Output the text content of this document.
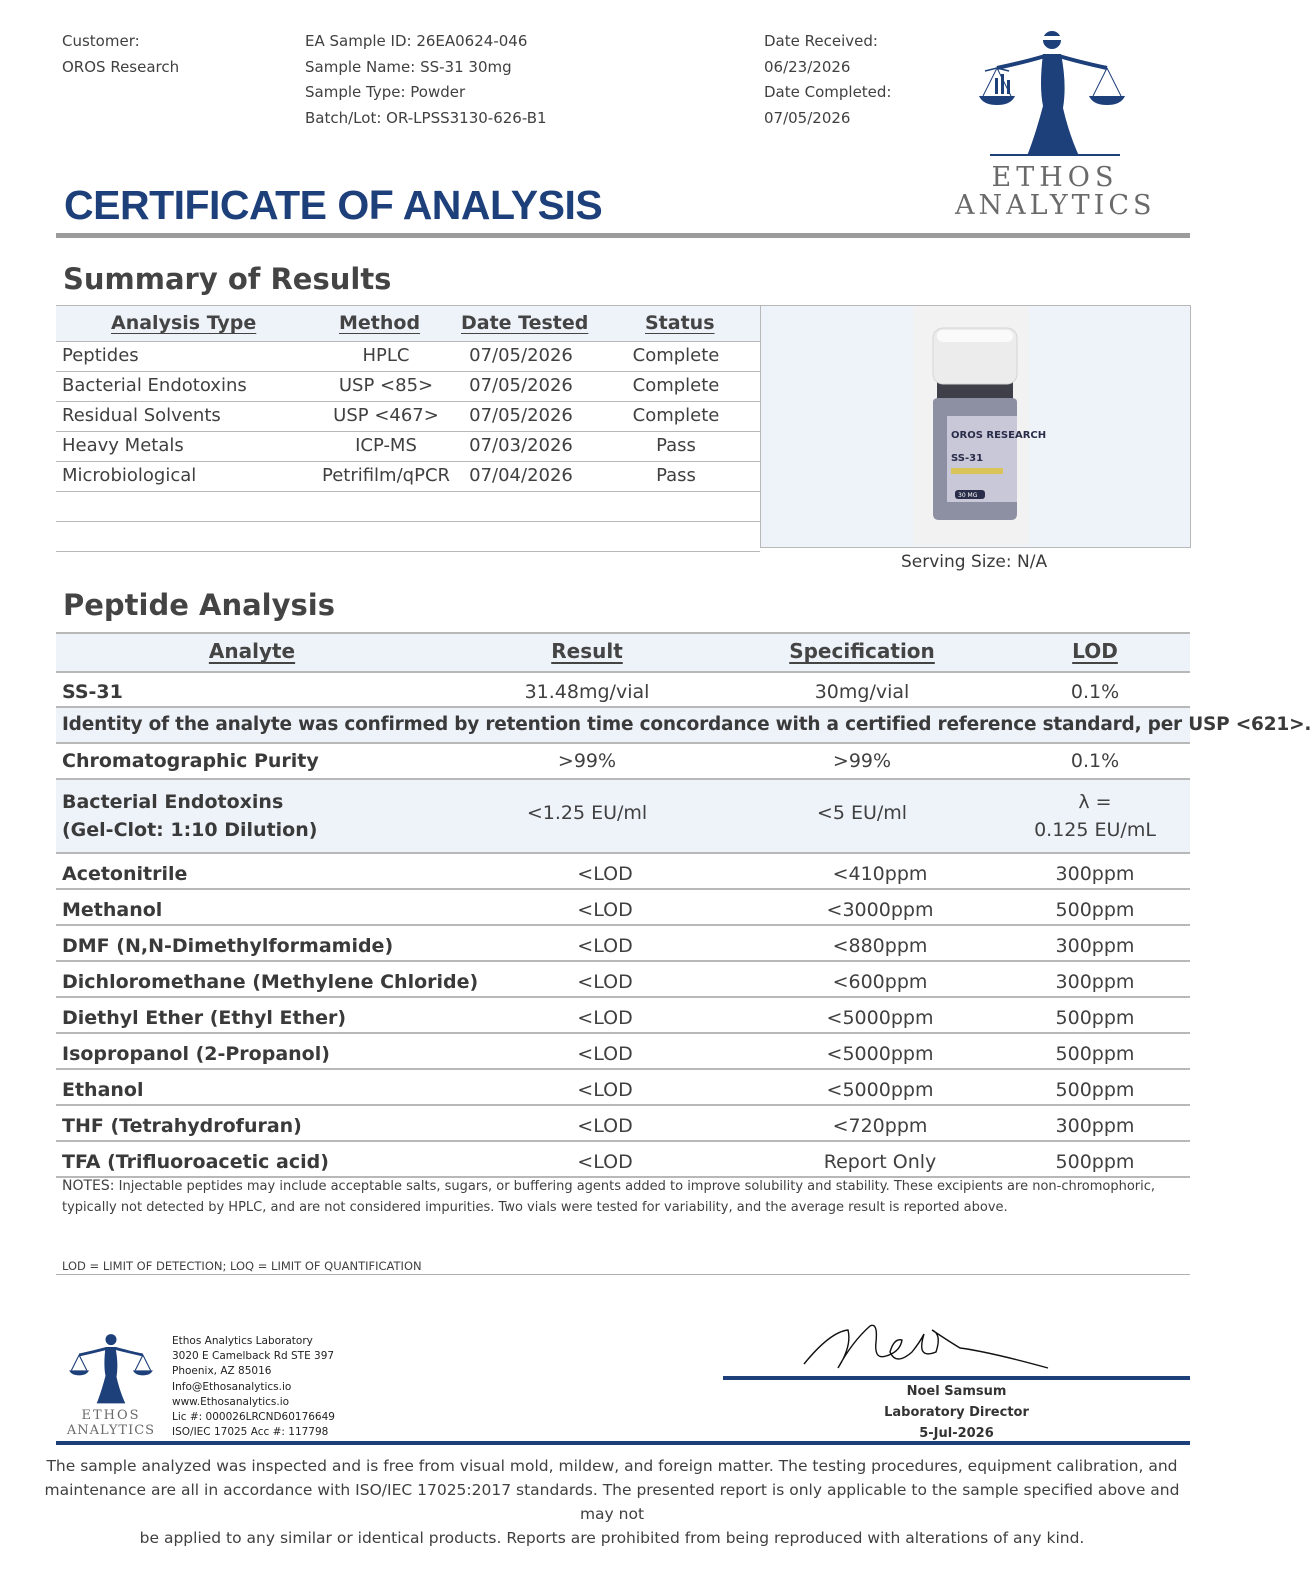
Customer:
OROS Research
EA Sample ID: 26EA0624-046
Sample Name: SS-31 30mg
Sample Type: Powder
Batch/Lot: OR-LPSS3130-626-B1
Date Received:
06/23/2026
Date Completed:
07/05/2026
ETHOS
ANALYTICS
CERTIFICATE OF ANALYSIS
Summary of Results
Analysis Type	Method Date Tested	Status
Peptides	HPLC	07/05/2026	Complete
Bacterial Endotoxins	USP <85> 07/05/2026	Complete
Residual Solvents	USP <467> 07/05/2026	Complete
Heavy Metals	ICP-MS	07/03/2026	Pass
Microbiological	Petrifilm/qPCR 07/04/2026	Pass
OROS RESEARCH
SS-31
30 MG
Serving Size: N/A
Peptide Analysis
Analyte	Result	Specification	LOD
SS-31	31.48mg/vial	30mg/vial	0.1%
Identity of the analyte was confirmed by retention time concordance with a certified reference standard, per USP <621>.
Chromatographic Purity	>99%	>99%	0.1%
Bacterial Endotoxins
(Gel-Clot: 1:10 Dilution)
<1.25 EU/ml	<5 EU/ml	λ =
0.125 EU/mL
Acetonitrile	<LOD	<410ppm	300ppm
Methanol	<LOD	<3000ppm	500ppm
DMF (N,N-Dimethylformamide)	<LOD	<880ppm	300ppm
Dichloromethane (Methylene Chloride)	<LOD	<600ppm	300ppm
Diethyl Ether (Ethyl Ether)	<LOD	<5000ppm	500ppm
Isopropanol (2-Propanol)	<LOD	<5000ppm	500ppm
Ethanol	<LOD	<5000ppm	500ppm
THF (Tetrahydrofuran)	<LOD	<720ppm	300ppm
TFA (Trifluoroacetic acid)	<LOD	Report Only	500ppm
NOTES: Injectable peptides may include acceptable salts, sugars, or buffering agents added to improve solubility and stability. These excipients are non-chromophoric,
typically not detected by HPLC, and are not considered impurities. Two vials were tested for variability, and the average result is reported above.
LOD = LIMIT OF DETECTION; LOQ = LIMIT OF QUANTIFICATION
ETHOS
ANALYTICS
Ethos Analytics Laboratory
3020 E Camelback Rd STE 397
Phoenix, AZ 85016
Info@Ethosanalytics.io
www.Ethosanalytics.io
Lic #: 000026LRCND60176649
ISO/IEC 17025 Acc #: 117798
Noel Samsum
Laboratory Director
5-Jul-2026
The sample analyzed was inspected and is free from visual mold, mildew, and foreign matter. The testing procedures, equipment calibration, and
maintenance are all in accordance with ISO/IEC 17025:2017 standards. The presented report is only applicable to the sample specified above and may not
be applied to any similar or identical products. Reports are prohibited from being reproduced with alterations of any kind.
